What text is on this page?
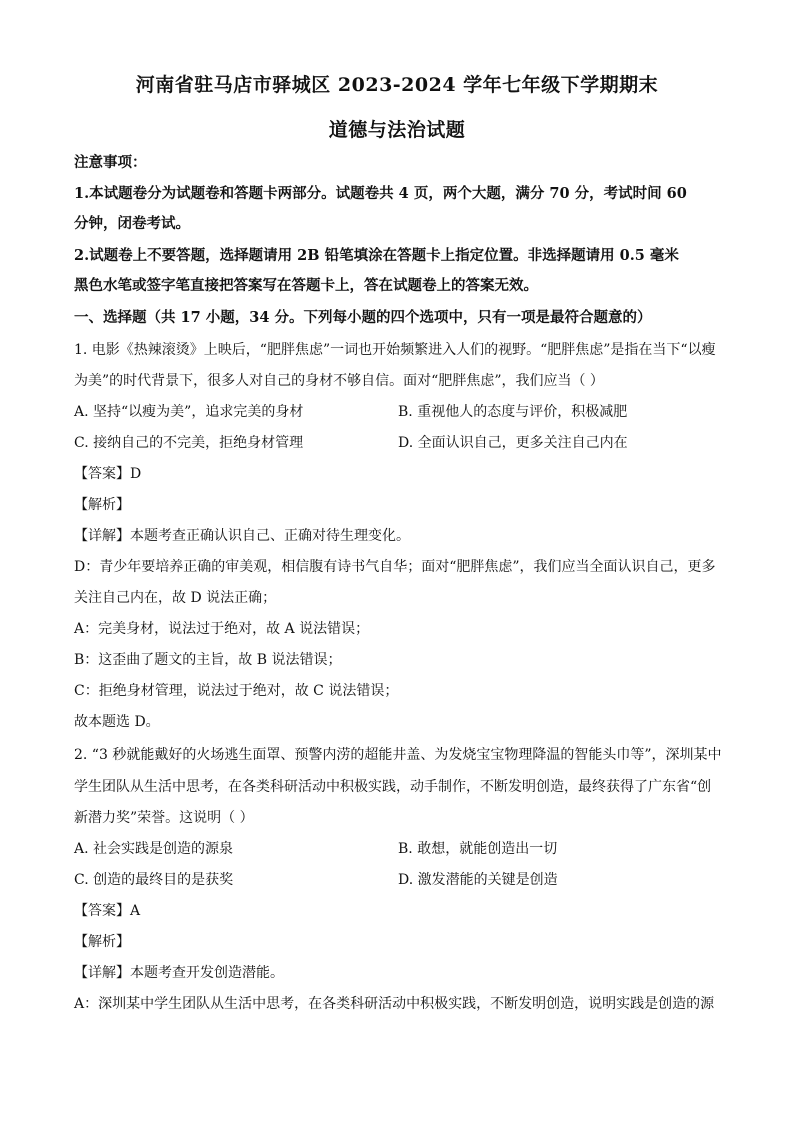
河南省驻马店市驿城区 2023-2024 学年七年级下学期期末
道德与法治试题
注意事项：
1.本试题卷分为试题卷和答题卡两部分。试题卷共 4 页，两个大题，满分 70 分，考试时间 60
分钟，闭卷考试。
2.试题卷上不要答题，选择题请用 2B 铅笔填涂在答题卡上指定位置。非选择题请用 0.5 毫米
黑色水笔或签字笔直接把答案写在答题卡上，答在试题卷上的答案无效。
一、选择题（共 17 小题，34 分。下列每小题的四个选项中，只有一项是最符合题意的）
1. 电影《热辣滚烫》上映后，“肥胖焦虑”一词也开始频繁进入人们的视野。“肥胖焦虑”是指在当下“以瘦
为美”的时代背景下，很多人对自己的身材不够自信。面对“肥胖焦虑”，我们应当（ ）
A. 坚持“以瘦为美”，追求完美的身材	B. 重视他人的态度与评价，积极减肥
C. 接纳自己的不完美，拒绝身材管理	D. 全面认识自己，更多关注自己内在
【答案】D
【解析】
【详解】本题考查正确认识自己、正确对待生理变化。
D：青少年要培养正确的审美观，相信腹有诗书气自华；面对“肥胖焦虑”，我们应当全面认识自己，更多
关注自己内在，故 D 说法正确；
A：完美身材，说法过于绝对，故 A 说法错误；
B：这歪曲了题文的主旨，故 B 说法错误；
C：拒绝身材管理，说法过于绝对，故 C 说法错误；
故本题选 D。
2. “3 秒就能戴好的火场逃生面罩、预警内涝的超能井盖、为发烧宝宝物理降温的智能头巾等”，深圳某中
学生团队从生活中思考，在各类科研活动中积极实践，动手制作，不断发明创造，最终获得了广东省“创
新潜力奖”荣誉。这说明（ ）
A. 社会实践是创造的源泉	B. 敢想，就能创造出一切
C. 创造的最终目的是获奖	D. 激发潜能的关键是创造
【答案】A
【解析】
【详解】本题考查开发创造潜能。
A：深圳某中学生团队从生活中思考，在各类科研活动中积极实践，不断发明创造，说明实践是创造的源
